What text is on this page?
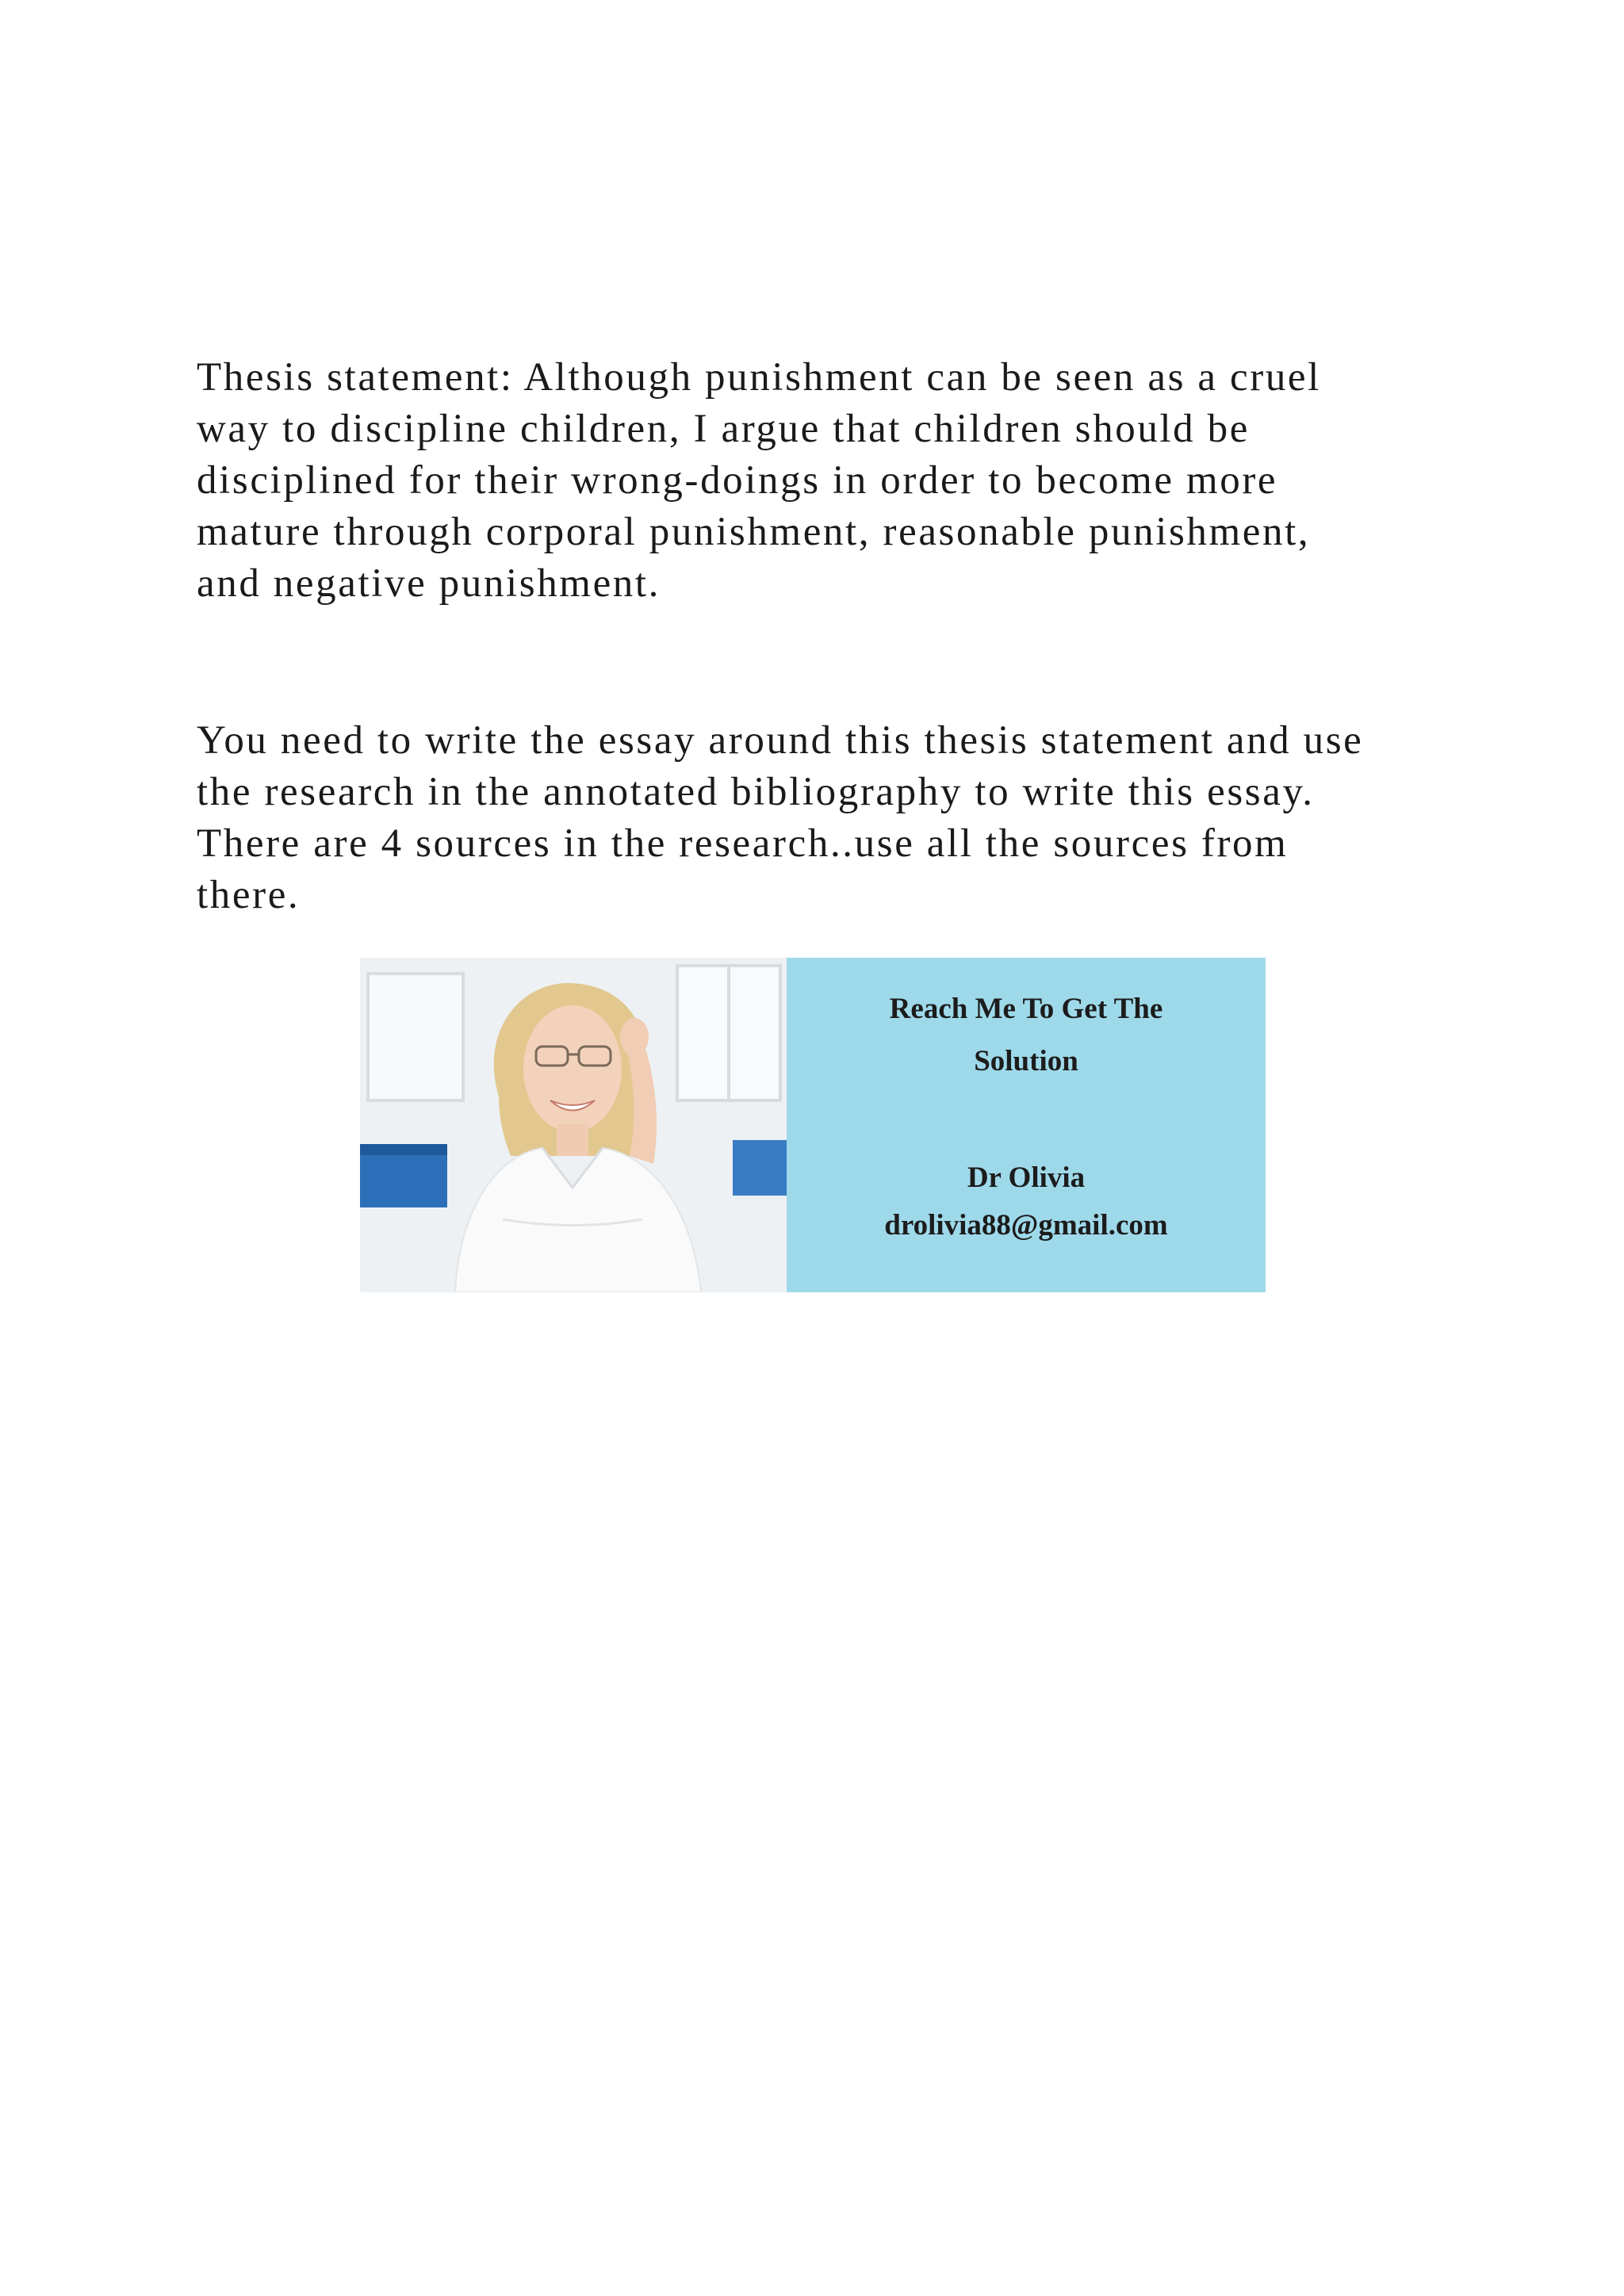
Thesis statement: Although punishment can be seen as a cruel
way to discipline children, I argue that children should be
disciplined for their wrong-doings in order to become more
mature through corporal punishment, reasonable punishment,
and negative punishment.

You need to write the essay around this thesis statement and use
the research in the annotated bibliography to write this essay.
There are 4 sources in the research..use all the sources from
there.

Reach Me To Get The
Solution
Dr Olivia
drolivia88@gmail.com
